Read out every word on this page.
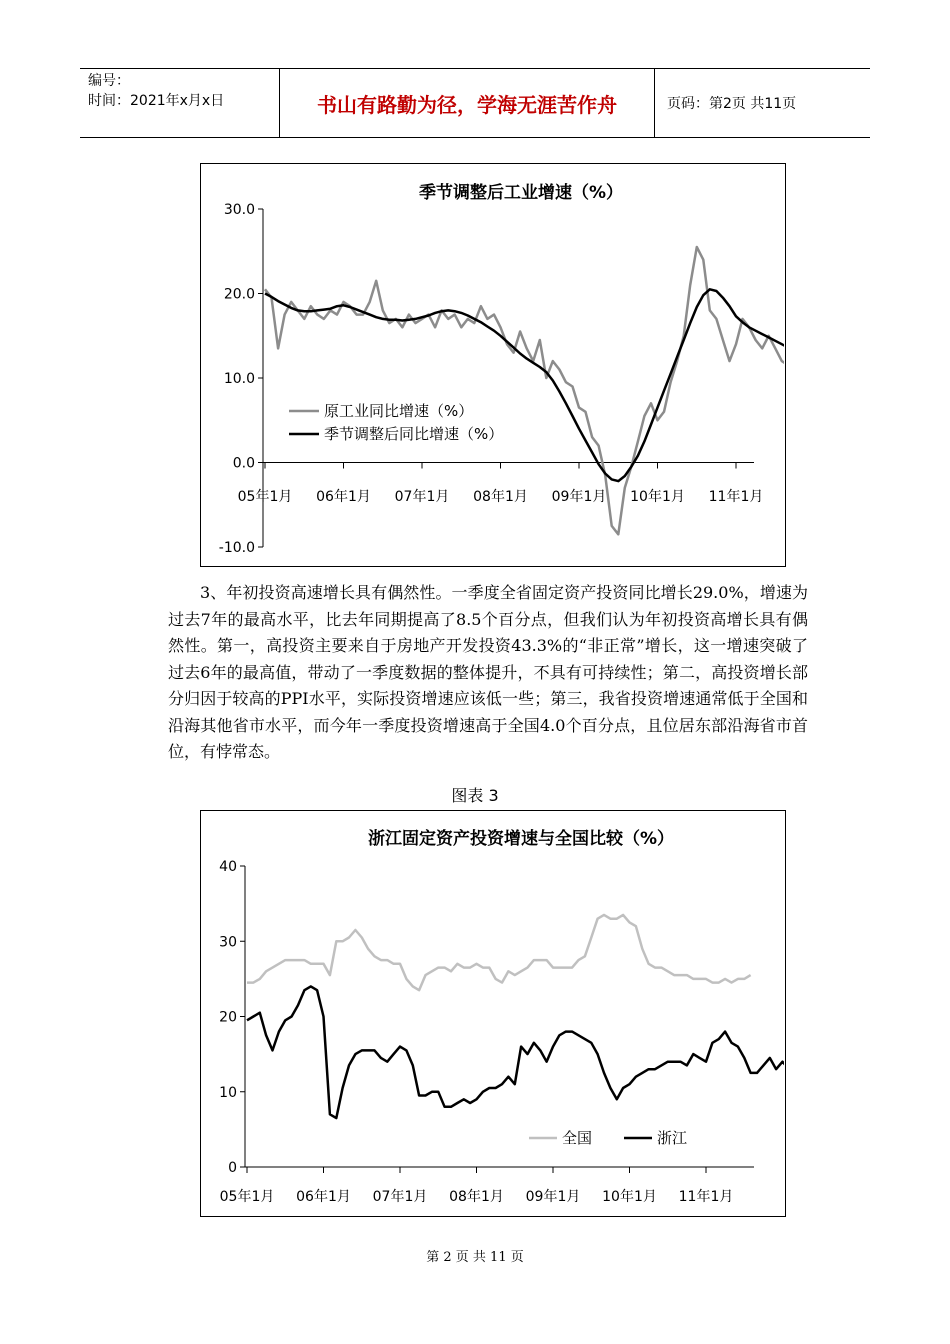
编号：
时间：2021年x月x日	书山有路勤为径，学海无涯苦作舟	页码：第2页 共11页
季节调整后工业增速（%）
30.0
20.0
10.0
0.0
-10.0
05年1月 06年1月 07年1月 08年1月 09年1月 10年1月 11年1月
原工业同比增速（%）
季节调整后同比增速（%）

3、年初投资高速增长具有偶然性。一季度全省固定资产投资同比增长29.0%，增速为过去7年的最高水平，比去年同期提高了8.5个百分点，但我们认为年初投资高增长具有偶然性。第一，高投资主要来自于房地产开发投资43.3%的“非正常”增长，这一增速突破了过去6年的最高值，带动了一季度数据的整体提升，不具有可持续性；第二，高投资增长部分归因于较高的PPI水平，实际投资增速应该低一些；第三，我省投资增速通常低于全国和沿海其他省市水平，而今年一季度投资增速高于全国4.0个百分点，且位居东部沿海省市首位，有悖常态。

图表 3
浙江固定资产投资增速与全国比较（%）
40
30
20
10
0
05年1月 06年1月 07年1月 08年1月 09年1月 10年1月 11年1月
全国	浙江
第 2 页 共 11 页
